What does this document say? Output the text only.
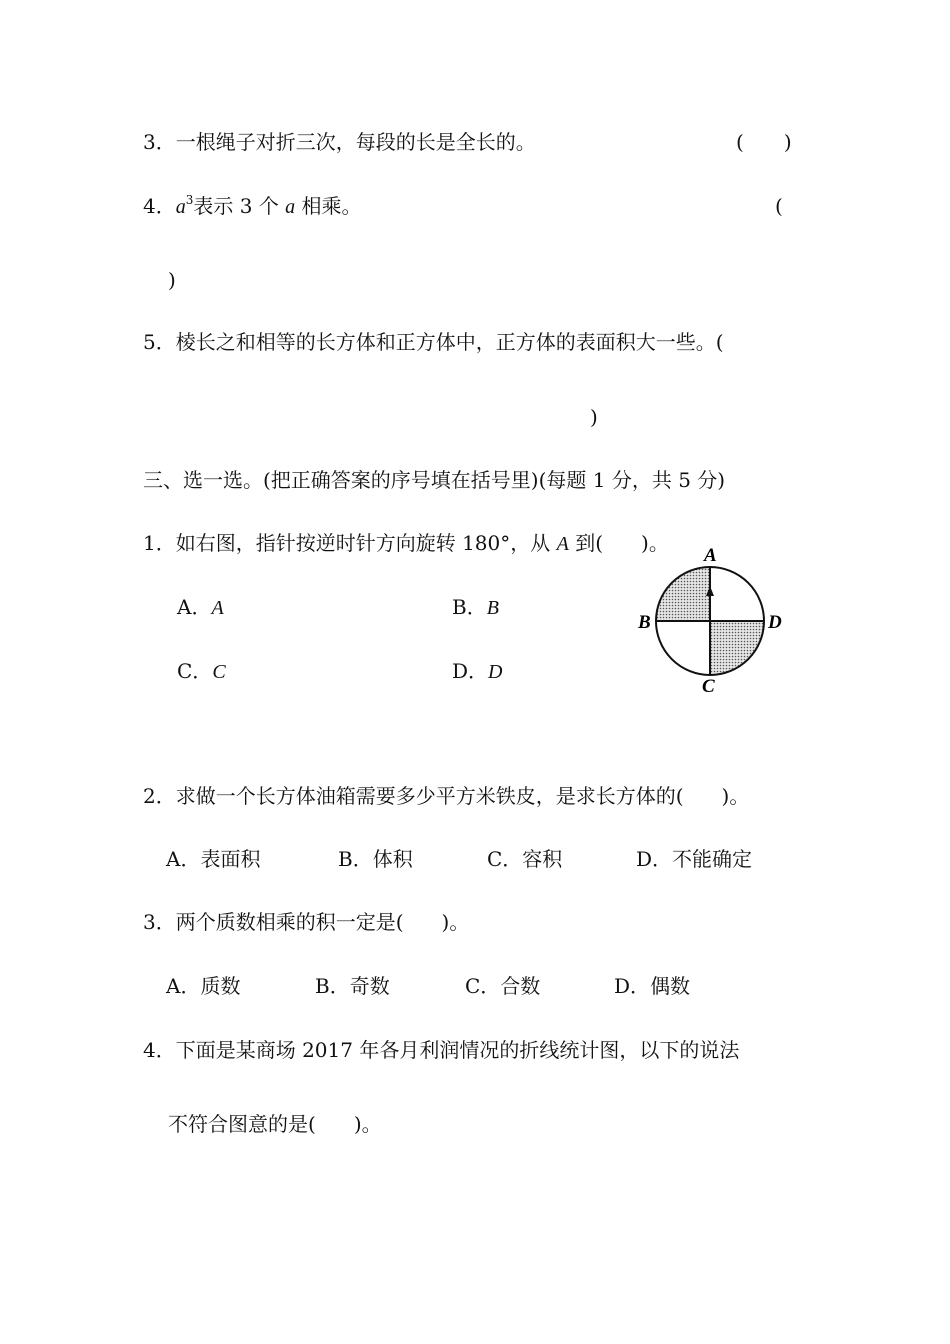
3．一根绳子对折三次，每段的长是全长的。	( )
4．$a^3$表示 3 个 a 相乘。	(
)
5．棱长之和相等的长方体和正方体中，正方体的表面积大一些。(
)
三、选一选。(把正确答案的序号填在括号里)(每题 1 分，共 5 分)
1．如右图，指针按逆时针方向旋转 180°，从 A 到( )。
A．A	B．B
C．C	D．D
A
B	D
C
2．求做一个长方体油箱需要多少平方米铁皮，是求长方体的( )。
A．表面积	B．体积	C．容积	D．不能确定
3．两个质数相乘的积一定是( )。
A．质数	B．奇数	C．合数	D．偶数
4．下面是某商场 2017 年各月利润情况的折线统计图，以下的说法
不符合图意的是( )。
